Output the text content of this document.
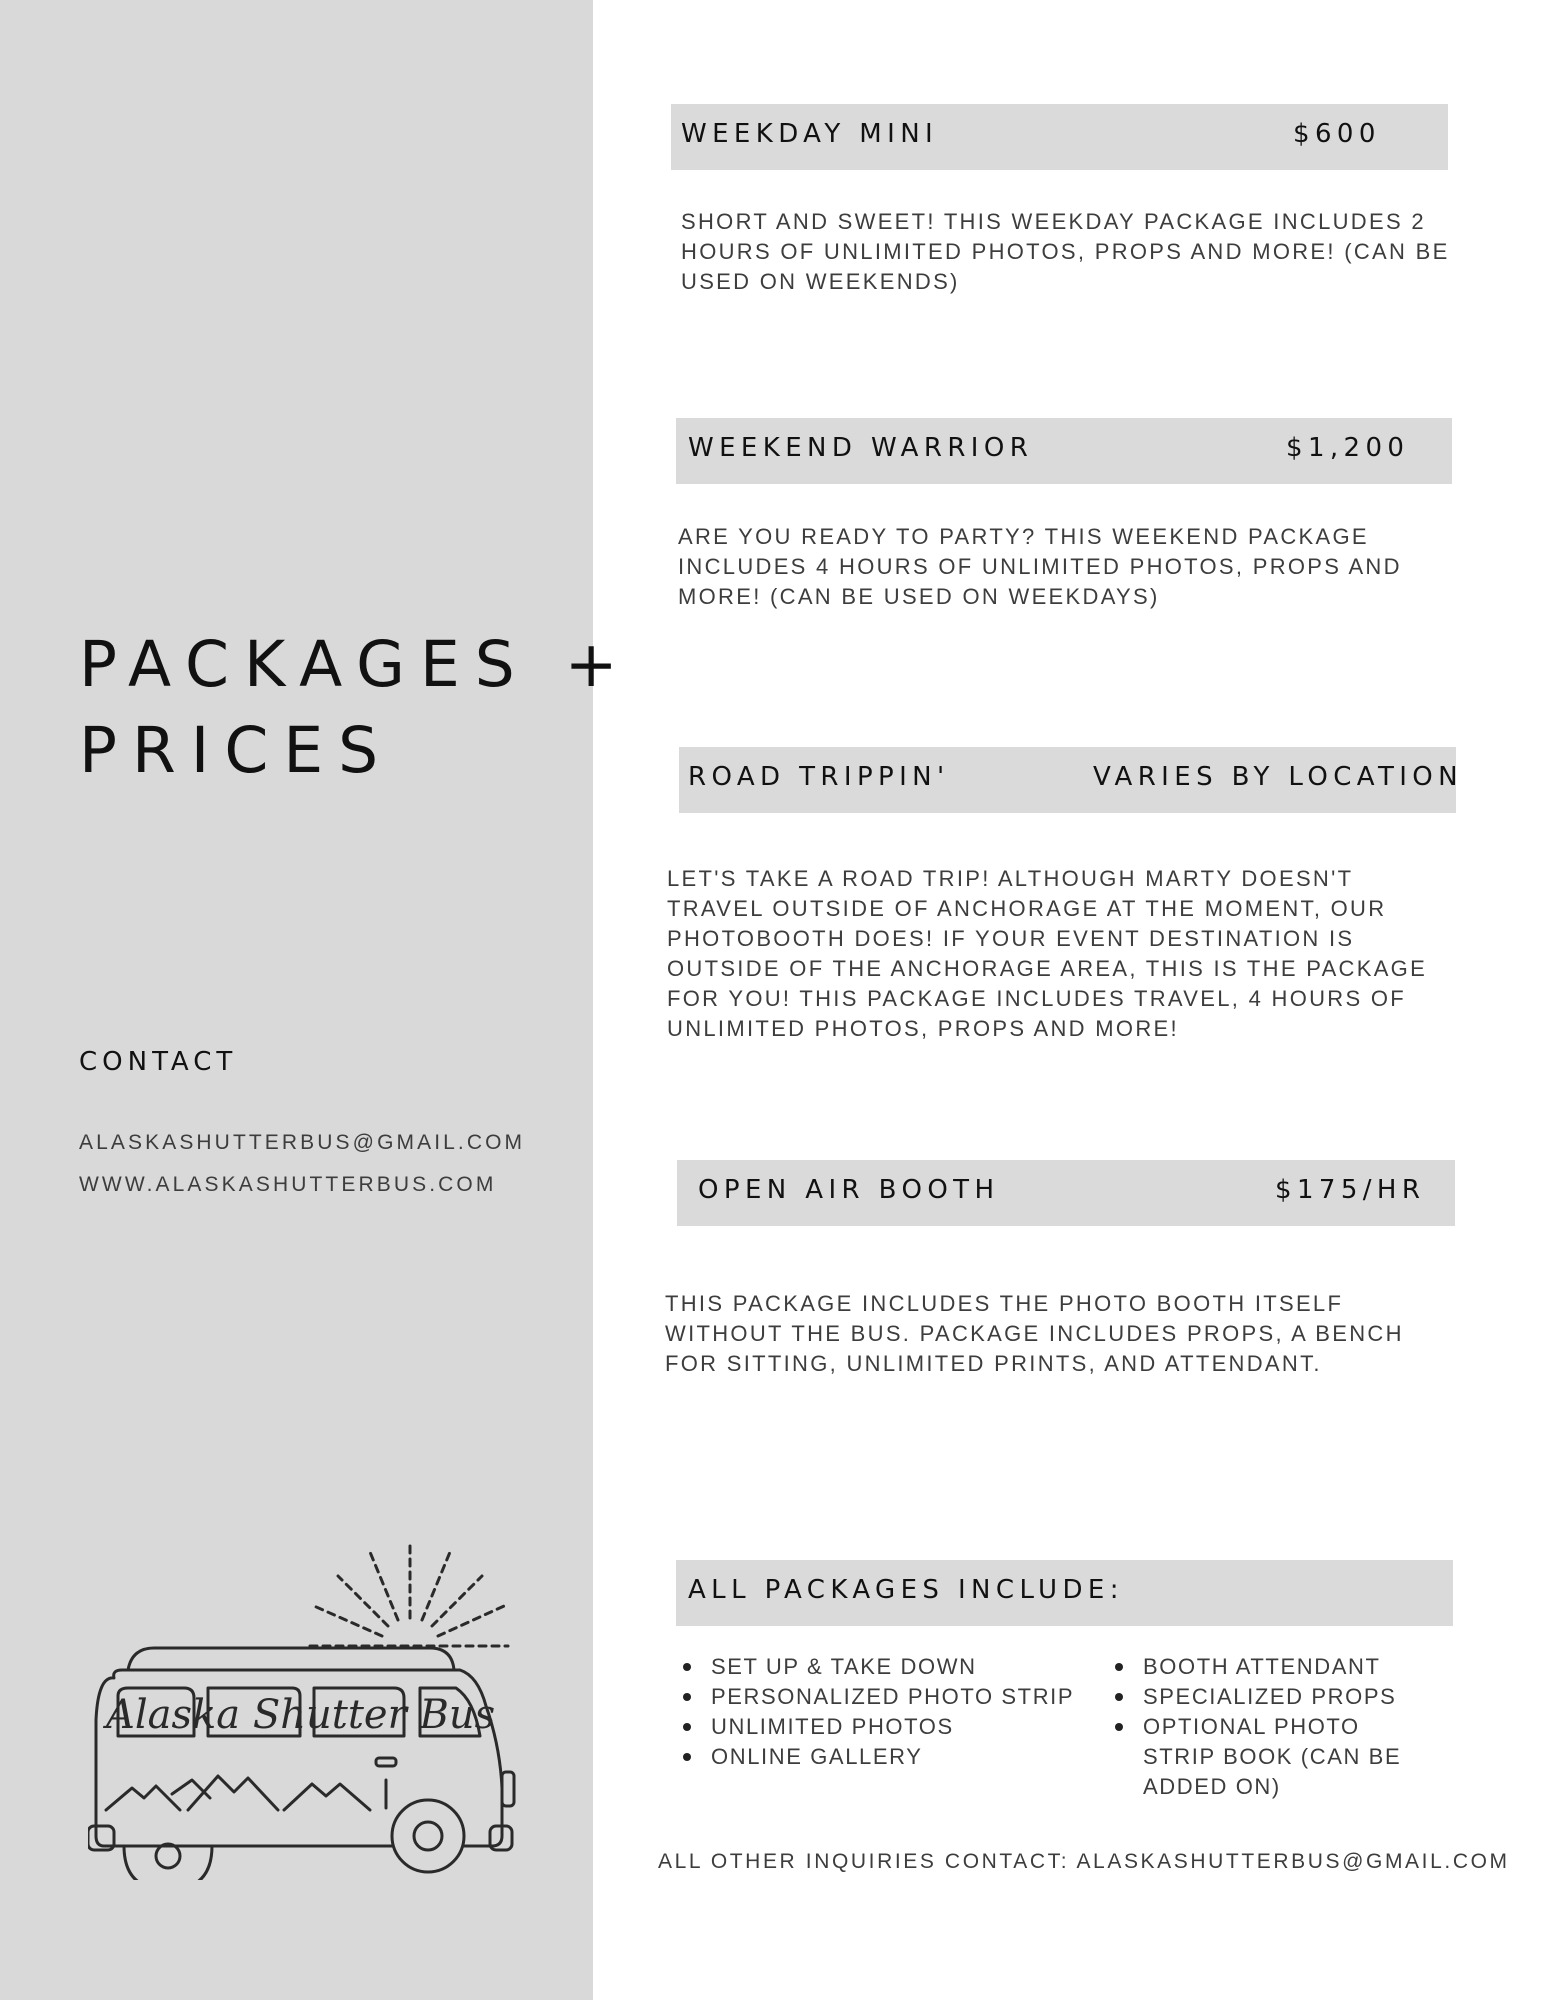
PACKAGES +
PRICES
CONTACT
ALASKASHUTTERBUS@GMAIL.COM
WWW.ALASKASHUTTERBUS.COM
Alaska Shutter Bus
WEEKDAY MINI	$600

SHORT AND SWEET! THIS WEEKDAY PACKAGE INCLUDES 2
HOURS OF UNLIMITED PHOTOS, PROPS AND MORE! (CAN BE
USED ON WEEKENDS)

WEEKEND WARRIOR	$1,200

ARE YOU READY TO PARTY? THIS WEEKEND PACKAGE
INCLUDES 4 HOURS OF UNLIMITED PHOTOS, PROPS AND
MORE! (CAN BE USED ON WEEKDAYS)

ROAD TRIPPIN'	VARIES BY LOCATION

LET'S TAKE A ROAD TRIP! ALTHOUGH MARTY DOESN'T
TRAVEL OUTSIDE OF ANCHORAGE AT THE MOMENT, OUR
PHOTOBOOTH DOES! IF YOUR EVENT DESTINATION IS
OUTSIDE OF THE ANCHORAGE AREA, THIS IS THE PACKAGE
FOR YOU! THIS PACKAGE INCLUDES TRAVEL, 4 HOURS OF
UNLIMITED PHOTOS, PROPS AND MORE!

OPEN AIR BOOTH	$175/HR

THIS PACKAGE INCLUDES THE PHOTO BOOTH ITSELF
WITHOUT THE BUS. PACKAGE INCLUDES PROPS, A BENCH
FOR SITTING, UNLIMITED PRINTS, AND ATTENDANT.

ALL PACKAGES INCLUDE:
SET UP & TAKE DOWN
PERSONALIZED PHOTO STRIP
UNLIMITED PHOTOS
ONLINE GALLERY
BOOTH ATTENDANT
SPECIALIZED PROPS
OPTIONAL PHOTO
STRIP BOOK (CAN BE
ADDED ON)
ALL OTHER INQUIRIES CONTACT: ALASKASHUTTERBUS@GMAIL.COM
